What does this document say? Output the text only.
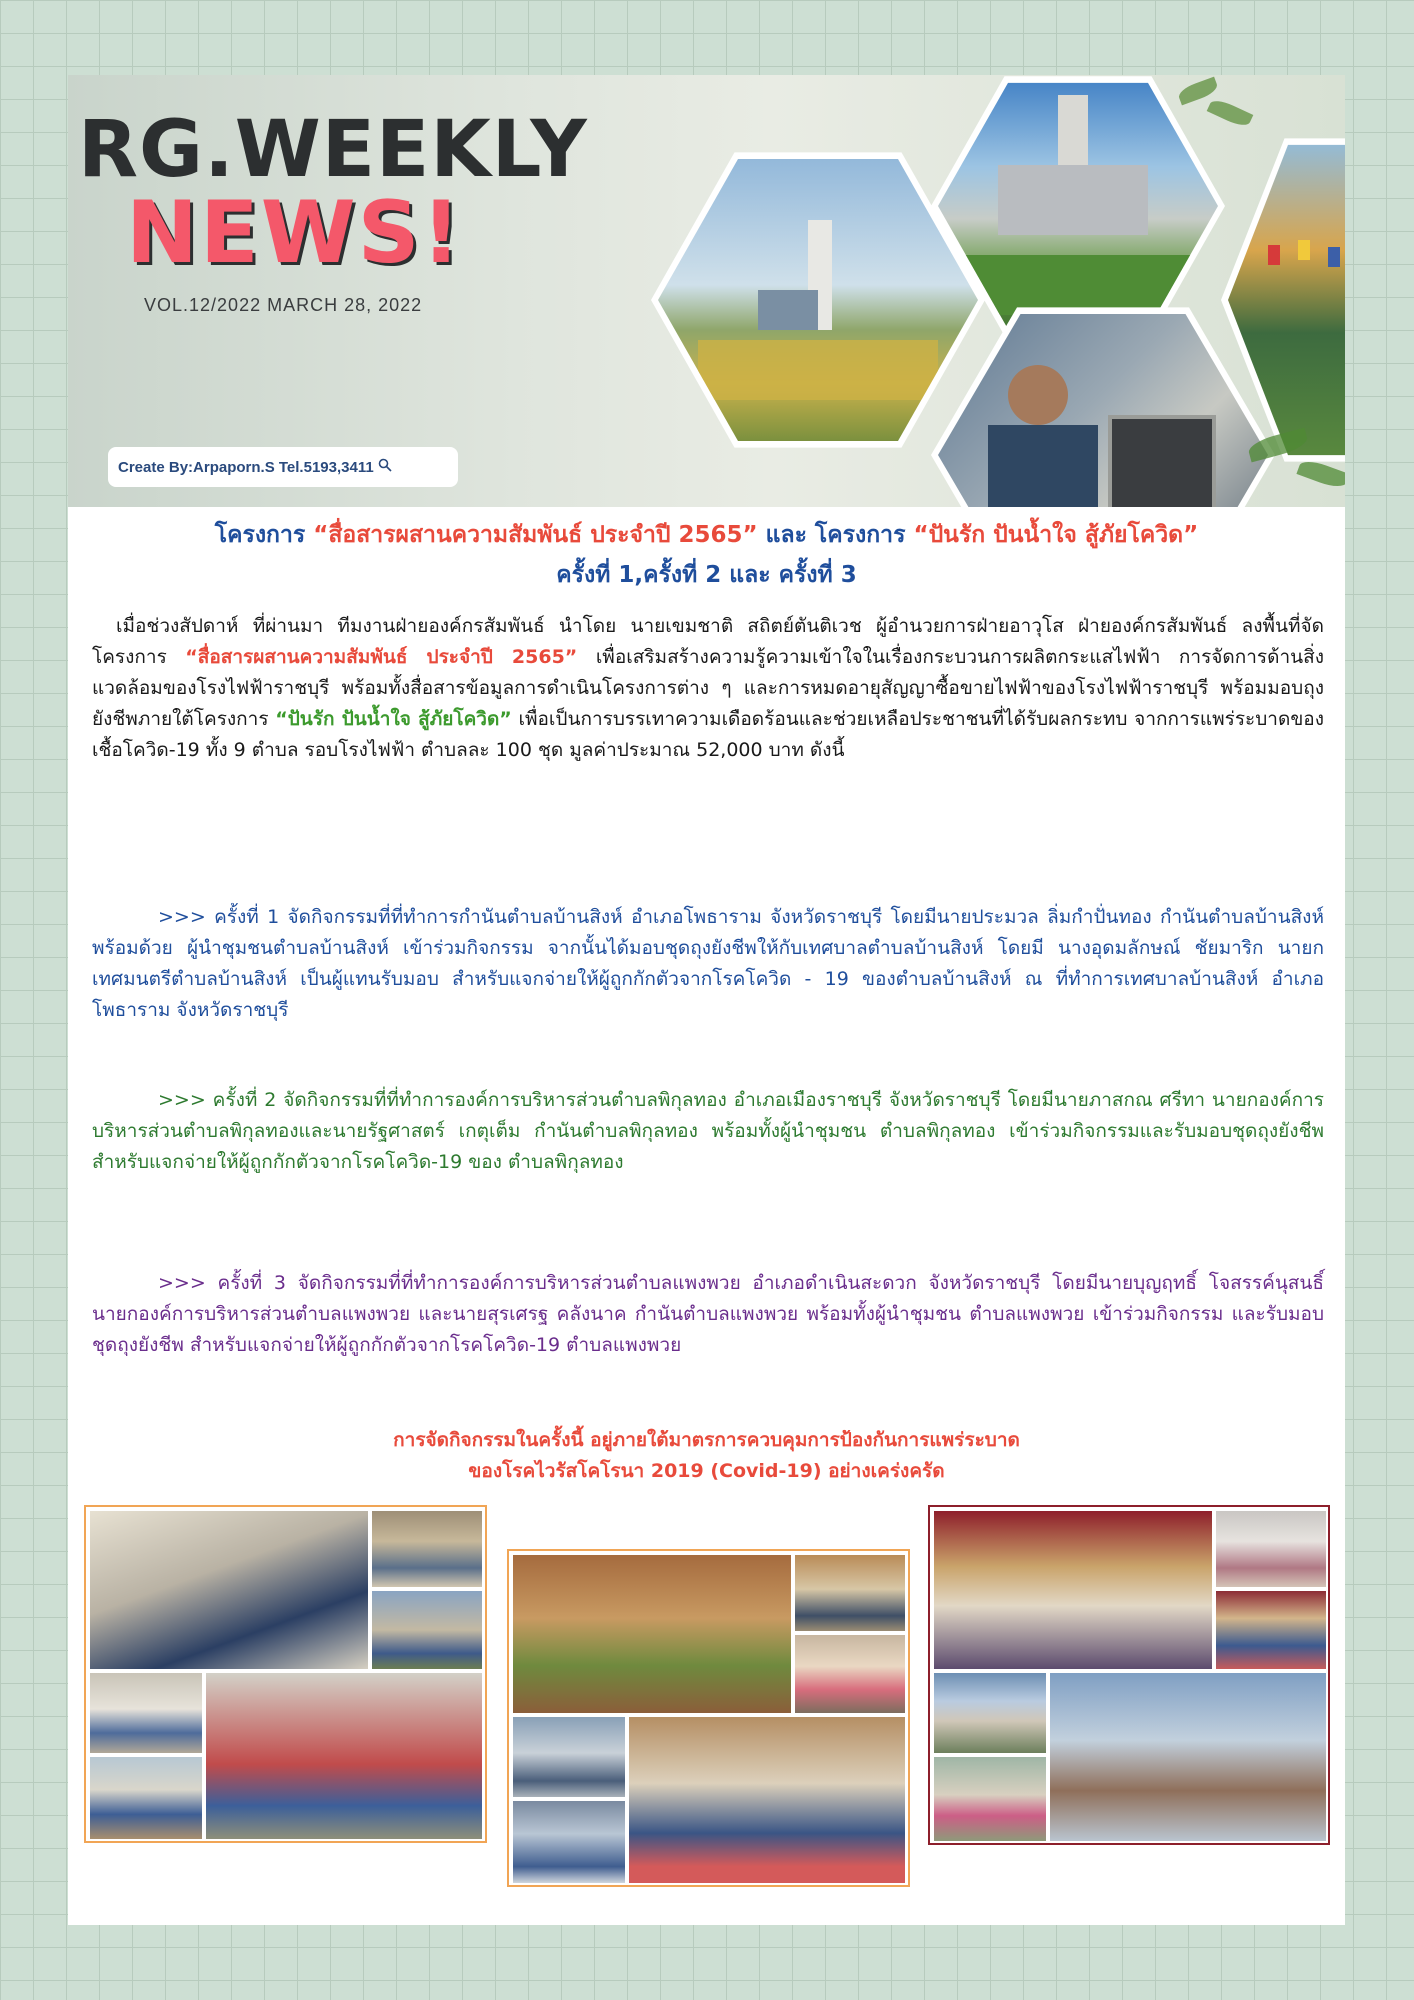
RG.WEEKLY
NEWS!
VOL.12/2022 MARCH 28, 2022
Create By:Arpaporn.S Tel.5193,3411
โครงการ “สื่อสารผสานความสัมพันธ์ ประจำปี 2565” และ โครงการ “ปันรัก ปันน้ำใจ สู้ภัยโควิด”
ครั้งที่ 1,ครั้งที่ 2 และ ครั้งที่ 3

เมื่อช่วงสัปดาห์ ที่ผ่านมา ทีมงานฝ่ายองค์กรสัมพันธ์ นำโดย นายเขมชาติ สถิตย์ตันติเวช ผู้อำนวยการฝ่ายอาวุโส ฝ่ายองค์กรสัมพันธ์ ลงพื้นที่จัดโครงการ “สื่อสารผสานความสัมพันธ์ ประจำปี 2565” เพื่อเสริมสร้างความรู้ความเข้าใจในเรื่องกระบวนการผลิตกระแสไฟฟ้า การจัดการด้านสิ่งแวดล้อมของโรงไฟฟ้าราชบุรี พร้อมทั้งสื่อสารข้อมูลการดำเนินโครงการต่าง ๆ และการหมดอายุสัญญาซื้อขายไฟฟ้าของโรงไฟฟ้าราชบุรี พร้อมมอบถุงยังชีพภายใต้โครงการ “ปันรัก ปันน้ำใจ สู้ภัยโควิด” เพื่อเป็นการบรรเทาความเดือดร้อนและช่วยเหลือประชาชนที่ได้รับผลกระทบ จากการแพร่ระบาดของเชื้อโควิด-19 ทั้ง 9 ตำบล รอบโรงไฟฟ้า ตำบลละ 100 ชุด มูลค่าประมาณ 52,000 บาท ดังนี้

>>> ครั้งที่ 1 จัดกิจกรรมที่ที่ทำการกำนันตำบลบ้านสิงห์ อำเภอโพธาราม จังหวัดราชบุรี โดยมีนายประมวล ลิ่มกำปั่นทอง กำนันตำบลบ้านสิงห์ พร้อมด้วย ผู้นำชุมชนตำบลบ้านสิงห์ เข้าร่วมกิจกรรม จากนั้นได้มอบชุดถุงยังชีพให้กับเทศบาลตำบลบ้านสิงห์ โดยมี นางอุดมลักษณ์ ชัยมาริก นายกเทศมนตรีตำบลบ้านสิงห์ เป็นผู้แทนรับมอบ สำหรับแจกจ่ายให้ผู้ถูกกักตัวจากโรคโควิด - 19 ของตำบลบ้านสิงห์ ณ ที่ทำการเทศบาลบ้านสิงห์ อำเภอโพธาราม จังหวัดราชบุรี

>>> ครั้งที่ 2 จัดกิจกรรมที่ที่ทำการองค์การบริหารส่วนตำบลพิกุลทอง อำเภอเมืองราชบุรี จังหวัดราชบุรี โดยมีนายภาสกณ ศรีทา นายกองค์การบริหารส่วนตำบลพิกุลทองและนายรัฐศาสตร์ เกตุเต็ม กำนันตำบลพิกุลทอง พร้อมทั้งผู้นำชุมชน ตำบลพิกุลทอง เข้าร่วมกิจกรรมและรับมอบชุดถุงยังชีพ สำหรับแจกจ่ายให้ผู้ถูกกักตัวจากโรคโควิด-19 ของ ตำบลพิกุลทอง

>>> ครั้งที่ 3 จัดกิจกรรมที่ที่ทำการองค์การบริหารส่วนตำบลแพงพวย อำเภอดำเนินสะดวก จังหวัดราชบุรี โดยมีนายบุญฤทธิ์ โจสรรค์นุสนธิ์ นายกองค์การบริหารส่วนตำบลแพงพวย และนายสุรเศรฐ คลังนาค กำนันตำบลแพงพวย พร้อมทั้งผู้นำชุมชน ตำบลแพงพวย เข้าร่วมกิจกรรม และรับมอบชุดถุงยังชีพ สำหรับแจกจ่ายให้ผู้ถูกกักตัวจากโรคโควิด-19 ตำบลแพงพวย

การจัดกิจกรรมในครั้งนี้ อยู่ภายใต้มาตรการควบคุมการป้องกันการแพร่ระบาด
ของโรคไวรัสโคโรนา 2019 (Covid-19) อย่างเคร่งครัด
